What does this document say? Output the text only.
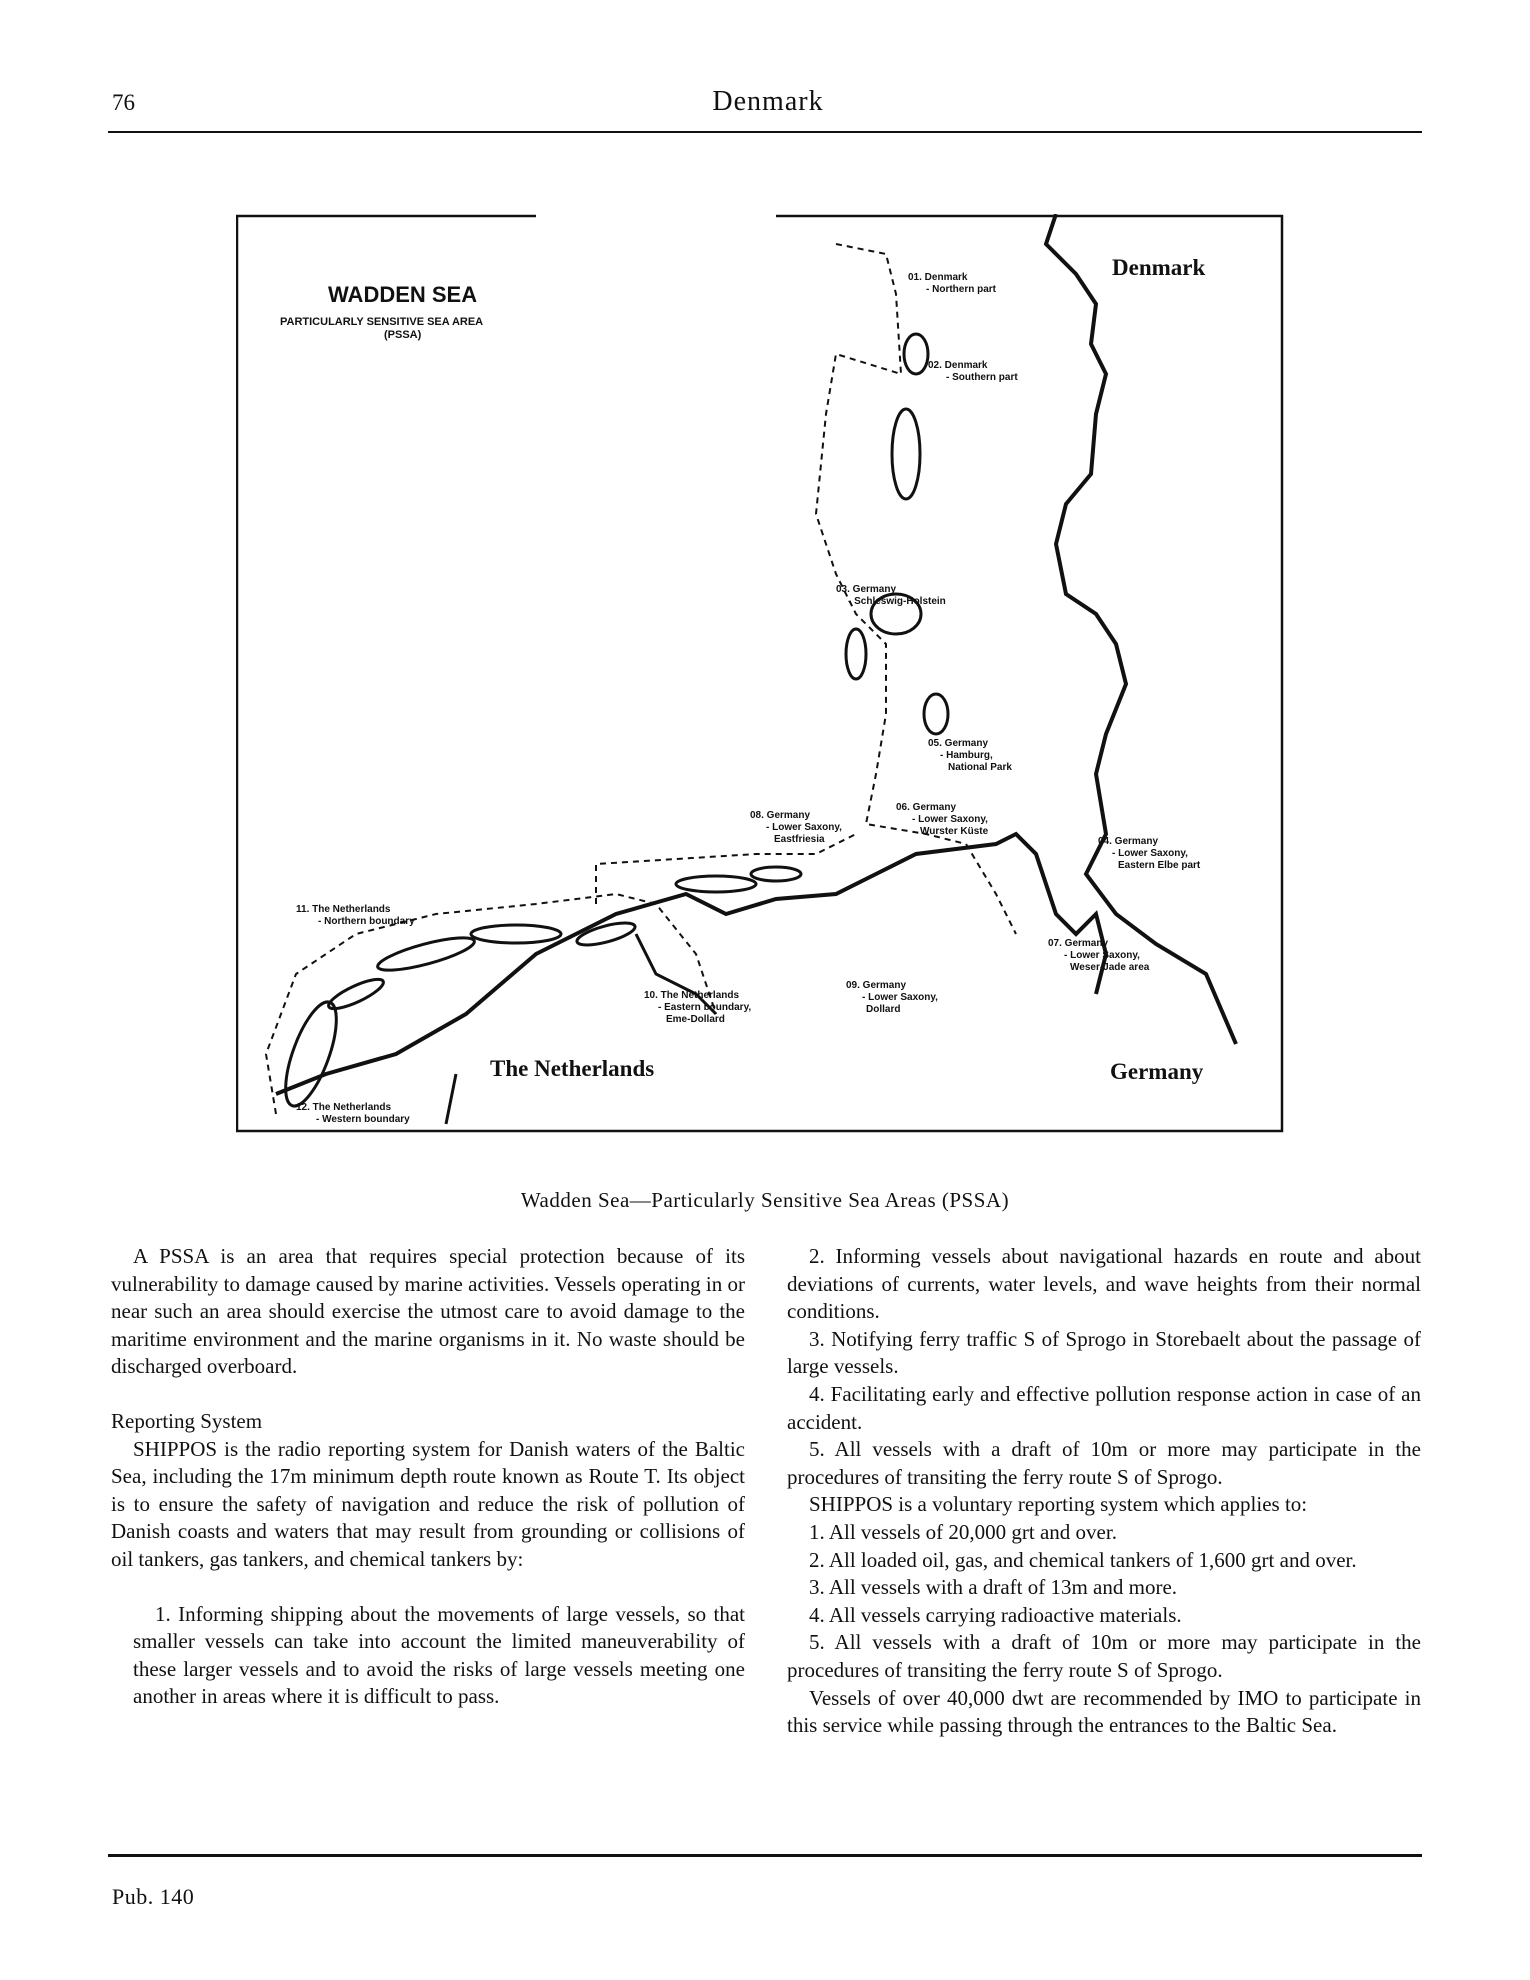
76	Denmark
WADDEN SEA
PARTICULARLY SENSITIVE SEA AREA
(PSSA)
Denmark
The Netherlands	Germany
01. Denmark
- Northern part
02. Denmark
- Southern part
03. Germany
- Schleswig-Holstein
04. Germany
- Lower Saxony,
Eastern Elbe part
05. Germany
- Hamburg,
National Park
06. Germany
- Lower Saxony,
Wurster Küste
07. Germany
- Lower Saxony,
Weser-Jade area
08. Germany
- Lower Saxony,
Eastfriesia
09. Germany
- Lower Saxony,
Dollard
10. The Netherlands
- Eastern boundary,
Eme-Dollard
11. The Netherlands
- Northern boundary
12. The Netherlands
- Western boundary
Wadden Sea—Particularly Sensitive Sea Areas (PSSA)

A PSSA is an area that requires special protection because of its vulnerability to damage caused by marine activities. Vessels operating in or near such an area should exercise the utmost care to avoid damage to the maritime environment and the marine organisms in it. No waste should be discharged overboard.

Reporting System

SHIPPOS is the radio reporting system for Danish waters of the Baltic Sea, including the 17m minimum depth route known as Route T. Its object is to ensure the safety of navigation and reduce the risk of pollution of Danish coasts and waters that may result from grounding or collisions of oil tankers, gas tankers, and chemical tankers by:

1. Informing shipping about the movements of large vessels, so that smaller vessels can take into account the limited maneuverability of these larger vessels and to avoid the risks of large vessels meeting one another in areas where it is difficult to pass.

2. Informing vessels about navigational hazards en route and about deviations of currents, water levels, and wave heights from their normal conditions.

3. Notifying ferry traffic S of Sprogo in Storebaelt about the passage of large vessels.

4. Facilitating early and effective pollution response action in case of an accident.

5. All vessels with a draft of 10m or more may participate in the procedures of transiting the ferry route S of Sprogo.

SHIPPOS is a voluntary reporting system which applies to:

1. All vessels of 20,000 grt and over.

2. All loaded oil, gas, and chemical tankers of 1,600 grt and over.

3. All vessels with a draft of 13m and more.

4. All vessels carrying radioactive materials.

5. All vessels with a draft of 10m or more may participate in the procedures of transiting the ferry route S of Sprogo.

Vessels of over 40,000 dwt are recommended by IMO to participate in this service while passing through the entrances to the Baltic Sea.

Pub. 140
